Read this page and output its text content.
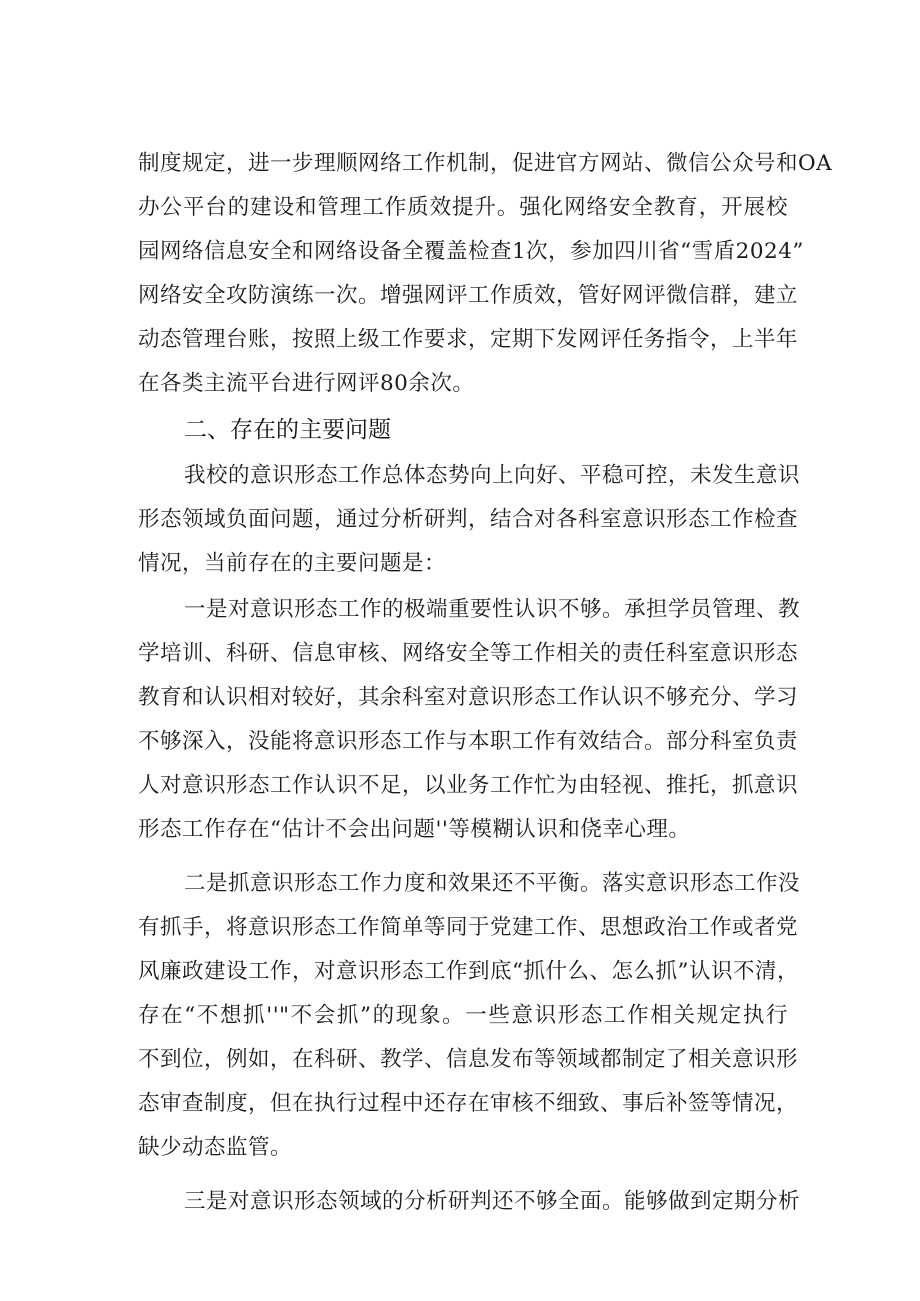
制度规定，进一步理顺网络工作机制，促进官方网站、微信公众号和OA
办公平台的建设和管理工作质效提升。强化网络安全教育，开展校
园网络信息安全和网络设备全覆盖检查1次，参加四川省“雪盾2024”
网络安全攻防演练一次。增强网评工作质效，管好网评微信群，建立
动态管理台账，按照上级工作要求，定期下发网评任务指令，上半年
在各类主流平台进行网评80余次。
二、存在的主要问题
我校的意识形态工作总体态势向上向好、平稳可控，未发生意识
形态领域负面问题，通过分析研判，结合对各科室意识形态工作检查
情况，当前存在的主要问题是：
一是对意识形态工作的极端重要性认识不够。承担学员管理、教
学培训、科研、信息审核、网络安全等工作相关的责任科室意识形态
教育和认识相对较好，其余科室对意识形态工作认识不够充分、学习
不够深入，没能将意识形态工作与本职工作有效结合。部分科室负责
人对意识形态工作认识不足，以业务工作忙为由轻视、推托，抓意识
形态工作存在“估计不会出问题''等模糊认识和侥幸心理。
二是抓意识形态工作力度和效果还不平衡。落实意识形态工作没
有抓手，将意识形态工作简单等同于党建工作、思想政治工作或者党
风廉政建设工作，对意识形态工作到底“抓什么、怎么抓”认识不清，
存在“不想抓''"不会抓”的现象。一些意识形态工作相关规定执行
不到位，例如，在科研、教学、信息发布等领域都制定了相关意识形
态审查制度，但在执行过程中还存在审核不细致、事后补签等情况，
缺少动态监管。
三是对意识形态领域的分析研判还不够全面。能够做到定期分析
